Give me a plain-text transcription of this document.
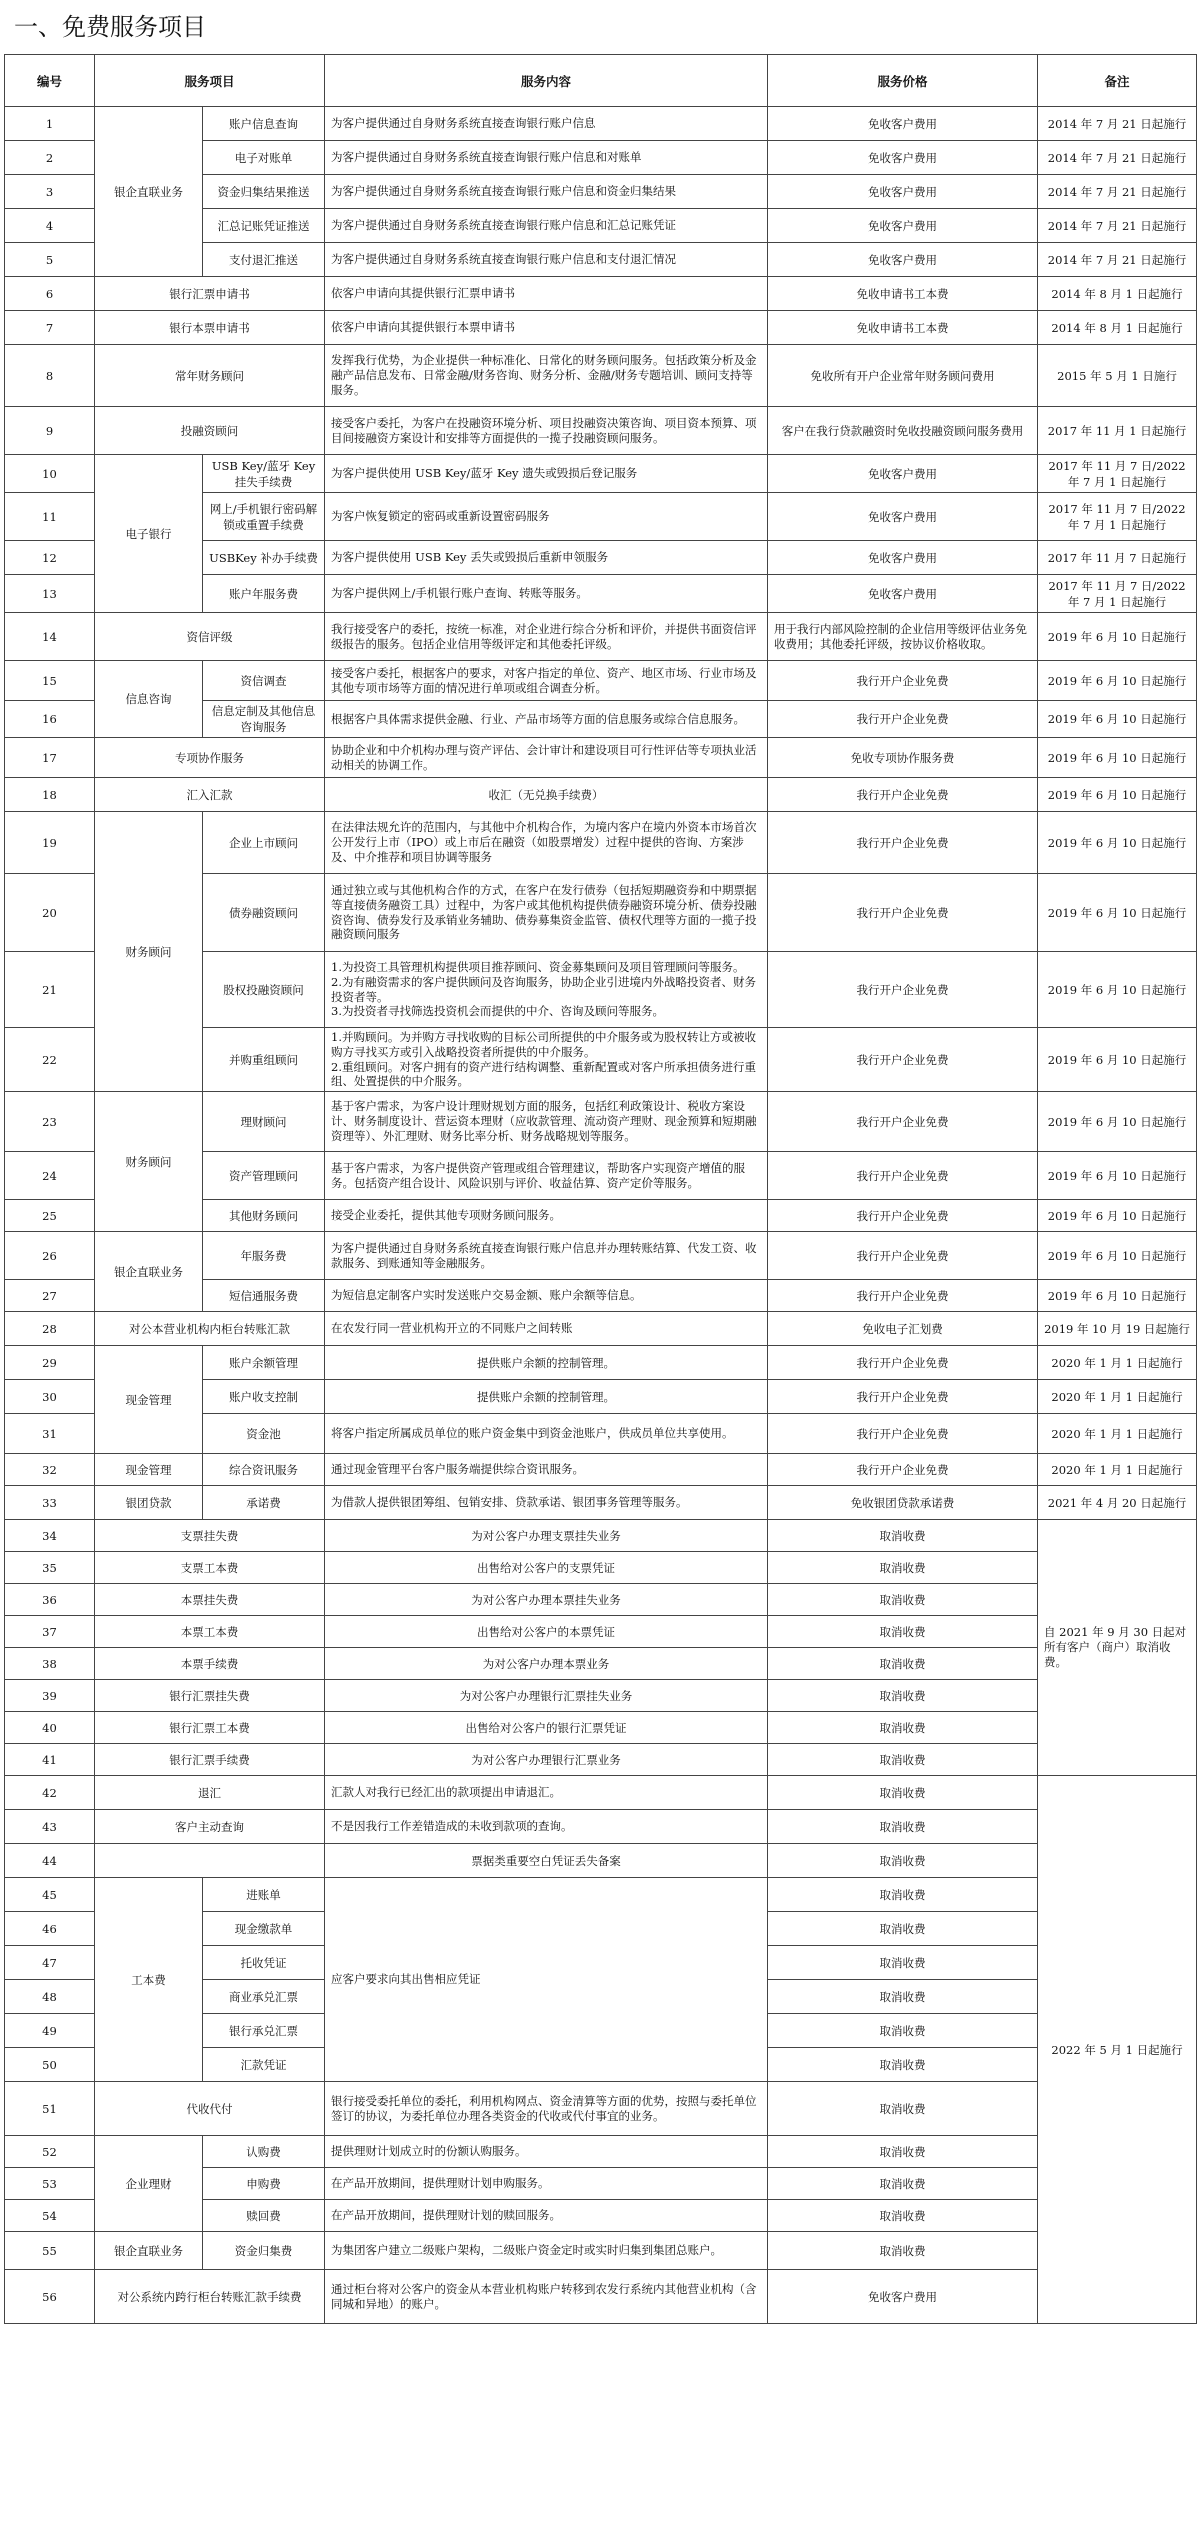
一、免费服务项目
编号	服务项目		服务内容	服务价格	备注
1	银企直联业务	账户信息查询	为客户提供通过自身财务系统直接查询银行账户信息	免收客户费用	2014 年 7 月 21 日起施行
2		电子对账单	为客户提供通过自身财务系统直接查询银行账户信息和对账单	免收客户费用	2014 年 7 月 21 日起施行
3		资金归集结果推送	为客户提供通过自身财务系统直接查询银行账户信息和资金归集结果	免收客户费用	2014 年 7 月 21 日起施行
4		汇总记账凭证推送	为客户提供通过自身财务系统直接查询银行账户信息和汇总记账凭证	免收客户费用	2014 年 7 月 21 日起施行
5		支付退汇推送	为客户提供通过自身财务系统直接查询银行账户信息和支付退汇情况	免收客户费用	2014 年 7 月 21 日起施行
6	银行汇票申请书		依客户申请向其提供银行汇票申请书	免收申请书工本费	2014 年 8 月 1 日起施行
7	银行本票申请书		依客户申请向其提供银行本票申请书	免收申请书工本费	2014 年 8 月 1 日起施行
8	常年财务顾问		发挥我行优势，为企业提供一种标准化、日常化的财务顾问服务。包括政策分析及金融产品信息发布、日常金融/财务咨询、财务分析、金融/财务专题培训、顾问支持等服务。	免收所有开户企业常年财务顾问费用	2015 年 5 月 1 日施行
9	投融资顾问		接受客户委托，为客户在投融资环境分析、项目投融资决策咨询、项目资本预算、项目间接融资方案设计和安排等方面提供的一揽子投融资顾问服务。	客户在我行贷款融资时免收投融资顾问服务费用	2017 年 11 月 1 日起施行
10	电子银行	USB Key/蓝牙 Key 挂失手续费	为客户提供使用 USB Key/蓝牙 Key 遗失或毁损后登记服务	免收客户费用	2017 年 11 月 7 日/2022 年 7 月 1 日起施行
11		网上/手机银行密码解锁或重置手续费	为客户恢复锁定的密码或重新设置密码服务	免收客户费用	2017 年 11 月 7 日/2022 年 7 月 1 日起施行
12		USBKey 补办手续费	为客户提供使用 USB Key 丢失或毁损后重新申领服务	免收客户费用	2017 年 11 月 7 日起施行
13		账户年服务费	为客户提供网上/手机银行账户查询、转账等服务。	免收客户费用	2017 年 11 月 7 日/2022 年 7 月 1 日起施行
14	资信评级		我行接受客户的委托，按统一标准，对企业进行综合分析和评价，并提供书面资信评级报告的服务。包括企业信用等级评定和其他委托评级。	用于我行内部风险控制的企业信用等级评估业务免收费用；其他委托评级，按协议价格收取。	2019 年 6 月 10 日起施行
15	信息咨询	资信调查	接受客户委托，根据客户的要求，对客户指定的单位、资产、地区市场、行业市场及其他专项市场等方面的情况进行单项或组合调查分析。	我行开户企业免费	2019 年 6 月 10 日起施行
16		信息定制及其他信息咨询服务	根据客户具体需求提供金融、行业、产品市场等方面的信息服务或综合信息服务。	我行开户企业免费	2019 年 6 月 10 日起施行
17	专项协作服务		协助企业和中介机构办理与资产评估、会计审计和建设项目可行性评估等专项执业活动相关的协调工作。	免收专项协作服务费	2019 年 6 月 10 日起施行
18	汇入汇款		收汇（无兑换手续费）	我行开户企业免费	2019 年 6 月 10 日起施行
19	财务顾问	企业上市顾问	在法律法规允许的范围内，与其他中介机构合作，为境内客户在境内外资本市场首次公开发行上市（IPO）或上市后在融资（如股票增发）过程中提供的咨询、方案涉及、中介推荐和项目协调等服务	我行开户企业免费	2019 年 6 月 10 日起施行
20		债券融资顾问	通过独立或与其他机构合作的方式，在客户在发行债券（包括短期融资券和中期票据等直接债务融资工具）过程中，为客户或其他机构提供债券融资环境分析、债券投融资咨询、债券发行及承销业务辅助、债券募集资金监管、债权代理等方面的一揽子投融资顾问服务	我行开户企业免费	2019 年 6 月 10 日起施行
21		股权投融资顾问	1.为投资工具管理机构提供项目推荐顾问、资金募集顾问及项目管理顾问等服务。
2.为有融资需求的客户提供顾问及咨询服务，协助企业引进境内外战略投资者、财务投资者等。
3.为投资者寻找筛选投资机会而提供的中介、咨询及顾问等服务。	我行开户企业免费	2019 年 6 月 10 日起施行
22		并购重组顾问	1.并购顾问。为并购方寻找收购的目标公司所提供的中介服务或为股权转让方或被收购方寻找买方或引入战略投资者所提供的中介服务。
2.重组顾问。对客户拥有的资产进行结构调整、重新配置或对客户所承担债务进行重组、处置提供的中介服务。	我行开户企业免费	2019 年 6 月 10 日起施行
23	财务顾问	理财顾问	基于客户需求，为客户设计理财规划方面的服务，包括红利政策设计、税收方案设计、财务制度设计、营运资本理财（应收款管理、流动资产理财、现金预算和短期融资理等）、外汇理财、财务比率分析、财务战略规划等服务。	我行开户企业免费	2019 年 6 月 10 日起施行
24		资产管理顾问	基于客户需求，为客户提供资产管理或组合管理建议，帮助客户实现资产增值的服务。包括资产组合设计、风险识别与评价、收益估算、资产定价等服务。	我行开户企业免费	2019 年 6 月 10 日起施行
25		其他财务顾问	接受企业委托，提供其他专项财务顾问服务。	我行开户企业免费	2019 年 6 月 10 日起施行
26	银企直联业务	年服务费	为客户提供通过自身财务系统直接查询银行账户信息并办理转账结算、代发工资、收款服务、到账通知等金融服务。	我行开户企业免费	2019 年 6 月 10 日起施行
27		短信通服务费	为短信息定制客户实时发送账户交易金额、账户余额等信息。	我行开户企业免费	2019 年 6 月 10 日起施行
28	对公本营业机构内柜台转账汇款		在农发行同一营业机构开立的不同账户之间转账	免收电子汇划费	2019 年 10 月 19 日起施行
29	现金管理	账户余额管理	提供账户余额的控制管理。	我行开户企业免费	2020 年 1 月 1 日起施行
30		账户收支控制	提供账户余额的控制管理。	我行开户企业免费	2020 年 1 月 1 日起施行
31		资金池	将客户指定所属成员单位的账户资金集中到资金池账户，供成员单位共享使用。	我行开户企业免费	2020 年 1 月 1 日起施行
32	现金管理	综合资讯服务	通过现金管理平台客户服务端提供综合资讯服务。	我行开户企业免费	2020 年 1 月 1 日起施行
33	银团贷款	承诺费	为借款人提供银团筹组、包销安排、贷款承诺、银团事务管理等服务。	免收银团贷款承诺费	2021 年 4 月 20 日起施行
34	支票挂失费		为对公客户办理支票挂失业务	取消收费	自 2021 年 9 月 30 日起对所有客户（商户）取消收费。
35	支票工本费		出售给对公客户的支票凭证	取消收费	
36	本票挂失费		为对公客户办理本票挂失业务	取消收费	
37	本票工本费		出售给对公客户的本票凭证	取消收费	
38	本票手续费		为对公客户办理本票业务	取消收费	
39	银行汇票挂失费		为对公客户办理银行汇票挂失业务	取消收费	
40	银行汇票工本费		出售给对公客户的银行汇票凭证	取消收费	
41	银行汇票手续费		为对公客户办理银行汇票业务	取消收费	
42	退汇		汇款人对我行已经汇出的款项提出申请退汇。	取消收费	2022 年 5 月 1 日起施行
43	客户主动查询		不是因我行工作差错造成的未收到款项的查询。	取消收费	
44			票据类重要空白凭证丢失备案	取消收费	
45	工本费	进账单	应客户要求向其出售相应凭证	取消收费	
46		现金缴款单		取消收费	
47		托收凭证		取消收费	
48		商业承兑汇票		取消收费	
49		银行承兑汇票		取消收费	
50		汇款凭证		取消收费	
51	代收代付		银行接受委托单位的委托，利用机构网点、资金清算等方面的优势，按照与委托单位签订的协议，为委托单位办理各类资金的代收或代付事宜的业务。	取消收费	
52	企业理财	认购费	提供理财计划成立时的份额认购服务。	取消收费	
53		申购费	在产品开放期间，提供理财计划申购服务。	取消收费	
54		赎回费	在产品开放期间，提供理财计划的赎回服务。	取消收费	
55	银企直联业务	资金归集费	为集团客户建立二级账户架构，二级账户资金定时或实时归集到集团总账户。	取消收费	
56	对公系统内跨行柜台转账汇款手续费		通过柜台将对公客户的资金从本营业机构账户转移到农发行系统内其他营业机构（含同城和异地）的账户。	免收客户费用	
